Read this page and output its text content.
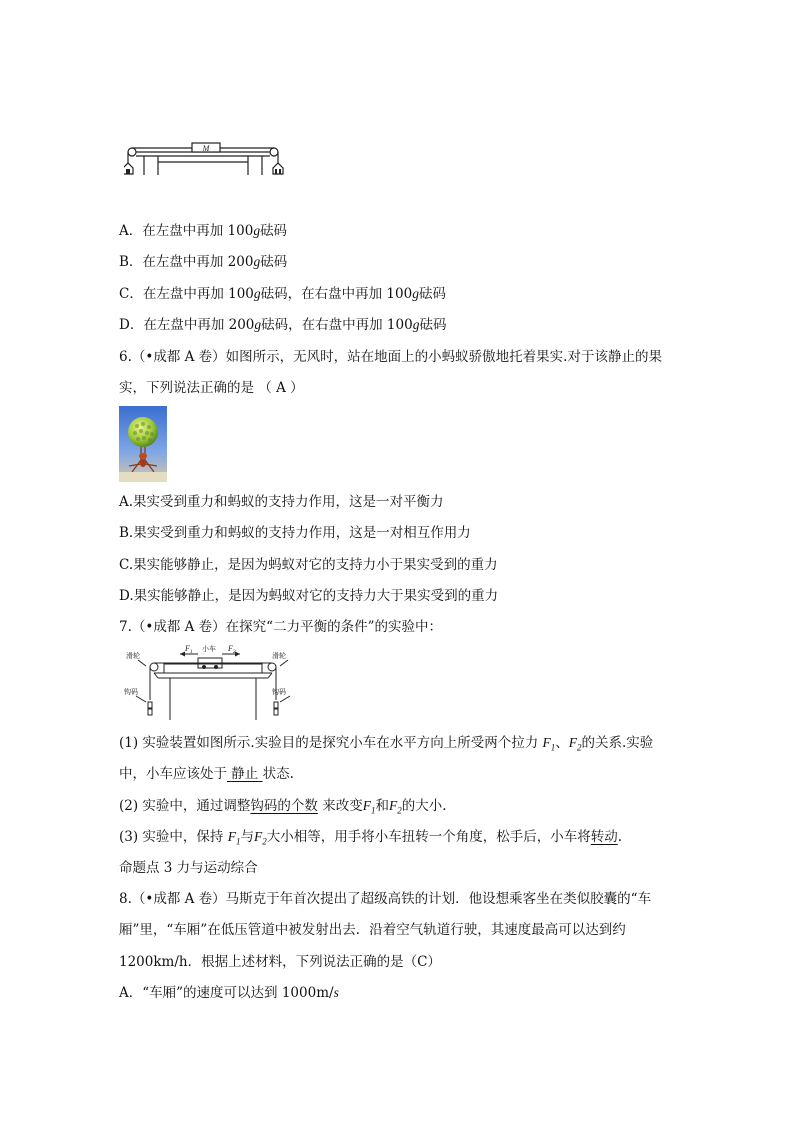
M
A．在左盘中再加 100g砝码
B．在左盘中再加 200g砝码
C．在左盘中再加 100g砝码，在右盘中再加 100g砝码
D．在左盘中再加 200g砝码，在右盘中再加 100g砝码
6.（•成都 A 卷）如图所示，无风时，站在地面上的小蚂蚁骄傲地托着果实.对于该静止的果
实，下列说法正确的是 （ A ）
A.果实受到重力和蚂蚁的支持力作用，这是一对平衡力
B.果实受到重力和蚂蚁的支持力作用，这是一对相互作用力
C.果实能够静止，是因为蚂蚁对它的支持力小于果实受到的重力
D.果实能够静止，是因为蚂蚁对它的支持力大于果实受到的重力
7.（•成都 A 卷）在探究“二力平衡的条件”的实验中：
滑轮	滑轮
小车
钩码	钩码
$F_1$	$F_2$
(1) 实验装置如图所示.实验目的是探究小车在水平方向上所受两个拉力 $F_1$、$F_2$的关系.实验
中，小车应该处于 静止 状态.
(2) 实验中，通过调整钩码的个数 来改变$F_1$和$F_2$的大小.
(3) 实验中，保持 $F_1$与$F_2$大小相等，用手将小车扭转一个角度，松手后，小车将转动.
命题点 3 力与运动综合
8.（•成都 A 卷）马斯克于年首次提出了超级高铁的计划．他设想乘客坐在类似胶囊的“车
厢”里，“车厢”在低压管道中被发射出去．沿着空气轨道行驶，其速度最高可以达到约
1200km/h．根据上述材料，下列说法正确的是（C）
A．“车厢”的速度可以达到 1000m/s
